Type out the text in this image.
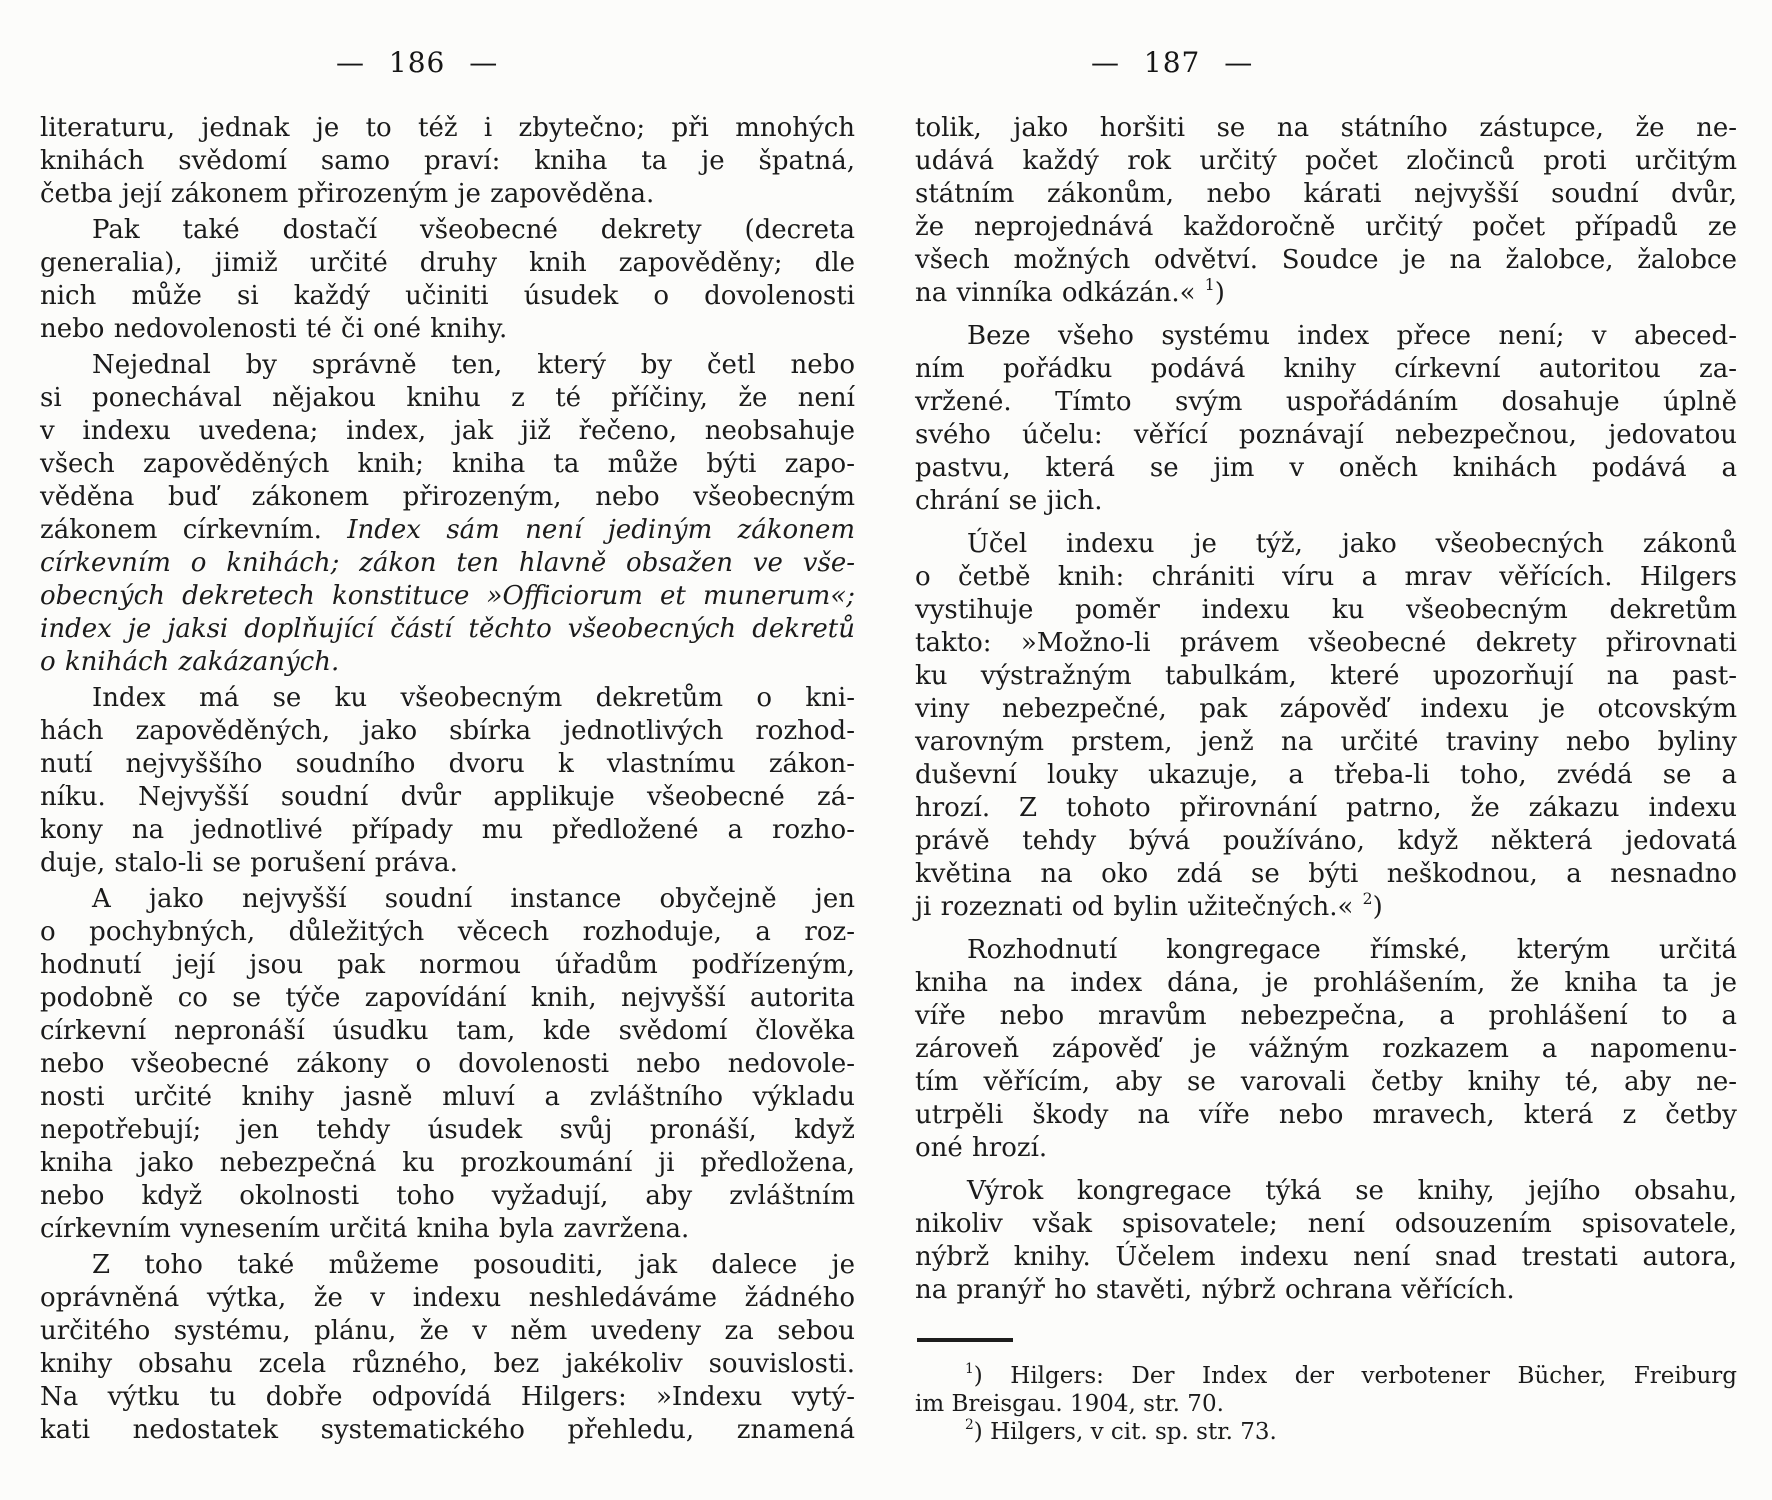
— 186 —
literaturu, jednak je to též i zbytečno; při mnohých
knihách svědomí samo praví: kniha ta je špatná,
četba její zákonem přirozeným je zapověděna.
Pak také dostačí všeobecné dekrety (decreta
generalia), jimiž určité druhy knih zapověděny; dle
nich může si každý učiniti úsudek o dovolenosti
nebo nedovolenosti té či oné knihy.
Nejednal by správně ten, který by četl nebo
si ponechával nějakou knihu z té příčiny, že není
v indexu uvedena; index, jak již řečeno, neobsahuje
všech zapověděných knih; kniha ta může býti zapo-
věděna buď zákonem přirozeným, nebo všeobecným
zákonem církevním. Index sám není jediným zákonem
církevním o knihách; zákon ten hlavně obsažen ve vše-
obecných dekretech konstituce »Officiorum et munerum«;
index je jaksi doplňující částí těchto všeobecných dekretů
o knihách zakázaných.
Index má se ku všeobecným dekretům o kni-
hách zapověděných, jako sbírka jednotlivých rozhod-
nutí nejvyššího soudního dvoru k vlastnímu zákon-
níku. Nejvyšší soudní dvůr applikuje všeobecné zá-
kony na jednotlivé případy mu předložené a rozho-
duje, stalo-li se porušení práva.
A jako nejvyšší soudní instance obyčejně jen
o pochybných, důležitých věcech rozhoduje, a roz-
hodnutí její jsou pak normou úřadům podřízeným,
podobně co se týče zapovídání knih, nejvyšší autorita
církevní nepronáší úsudku tam, kde svědomí člověka
nebo všeobecné zákony o dovolenosti nebo nedovole-
nosti určité knihy jasně mluví a zvláštního výkladu
nepotřebují; jen tehdy úsudek svůj pronáší, když
kniha jako nebezpečná ku prozkoumání ji předložena,
nebo když okolnosti toho vyžadují, aby zvláštním
církevním vynesením určitá kniha byla zavržena.
Z toho také můžeme posouditi, jak dalece je
oprávněná výtka, že v indexu neshledáváme žádného
určitého systému, plánu, že v něm uvedeny za sebou
knihy obsahu zcela různého, bez jakékoliv souvislosti.
Na výtku tu dobře odpovídá Hilgers: »Indexu vytý-
kati nedostatek systematického přehledu, znamená
— 187 —
tolik, jako horšiti se na státního zástupce, že ne-
udává každý rok určitý počet zločinců proti určitým
státním zákonům, nebo kárati nejvyšší soudní dvůr,
že neprojednává každoročně určitý počet případů ze
všech možných odvětví. Soudce je na žalobce, žalobce
na vinníka odkázán.« $^1$)
Beze všeho systému index přece není; v abeced-
ním pořádku podává knihy církevní autoritou za-
vržené. Tímto svým uspořádáním dosahuje úplně
svého účelu: věřící poznávají nebezpečnou, jedovatou
pastvu, která se jim v oněch knihách podává a
chrání se jich.
Účel indexu je týž, jako všeobecných zákonů
o četbě knih: chrániti víru a mrav věřících. Hilgers
vystihuje poměr indexu ku všeobecným dekretům
takto: »Možno-li právem všeobecné dekrety přirovnati
ku výstražným tabulkám, které upozorňují na past-
viny nebezpečné, pak zápověď indexu je otcovským
varovným prstem, jenž na určité traviny nebo byliny
duševní louky ukazuje, a třeba-li toho, zvédá se a
hrozí. Z tohoto přirovnání patrno, že zákazu indexu
právě tehdy bývá používáno, když některá jedovatá
květina na oko zdá se býti neškodnou, a nesnadno
ji rozeznati od bylin užitečných.« $^2$)
Rozhodnutí kongregace římské, kterým určitá
kniha na index dána, je prohlášením, že kniha ta je
víře nebo mravům nebezpečna, a prohlášení to a
zároveň zápověď je vážným rozkazem a napomenu-
tím věřícím, aby se varovali četby knihy té, aby ne-
utrpěli škody na víře nebo mravech, která z četby
oné hrozí.
Výrok kongregace týká se knihy, jejího obsahu,
nikoliv však spisovatele; není odsouzením spisovatele,
nýbrž knihy. Účelem indexu není snad trestati autora,
na pranýř ho stavěti, nýbrž ochrana věřících.
$^1$) Hilgers: Der Index der verbotener Bücher, Freiburg
im Breisgau. 1904, str. 70.
$^2$) Hilgers, v cit. sp. str. 73.
